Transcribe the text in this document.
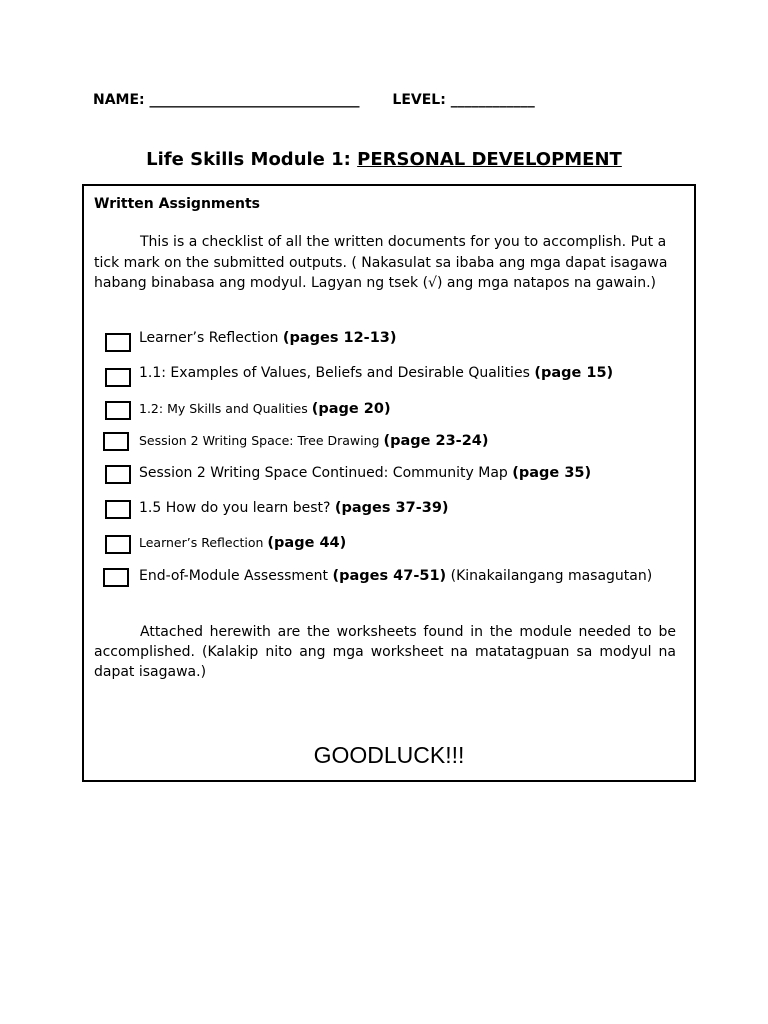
NAME: ______________________________ LEVEL: ____________
Life Skills Module 1: PERSONAL DEVELOPMENT
Written Assignments
This is a checklist of all the written documents for you to accomplish. Put a tick mark on the submitted outputs. ( Nakasulat sa ibaba ang mga dapat isagawa habang binabasa ang modyul. Lagyan ng tsek (√) ang mga natapos na gawain.)
Learner’s Reflection (pages 12-13)
1.1: Examples of Values, Beliefs and Desirable Qualities (page 15)
1.2: My Skills and Qualities (page 20)
Session 2 Writing Space: Tree Drawing (page 23-24)
Session 2 Writing Space Continued: Community Map (page 35)
1.5 How do you learn best? (pages 37-39)
Learner’s Reflection (page 44)
End-of-Module Assessment (pages 47-51) (Kinakailangang masagutan)
Attached herewith are the worksheets found in the module needed to be accomplished. (Kalakip nito ang mga worksheet na matatagpuan sa modyul na dapat isagawa.)
GOODLUCK!!!
